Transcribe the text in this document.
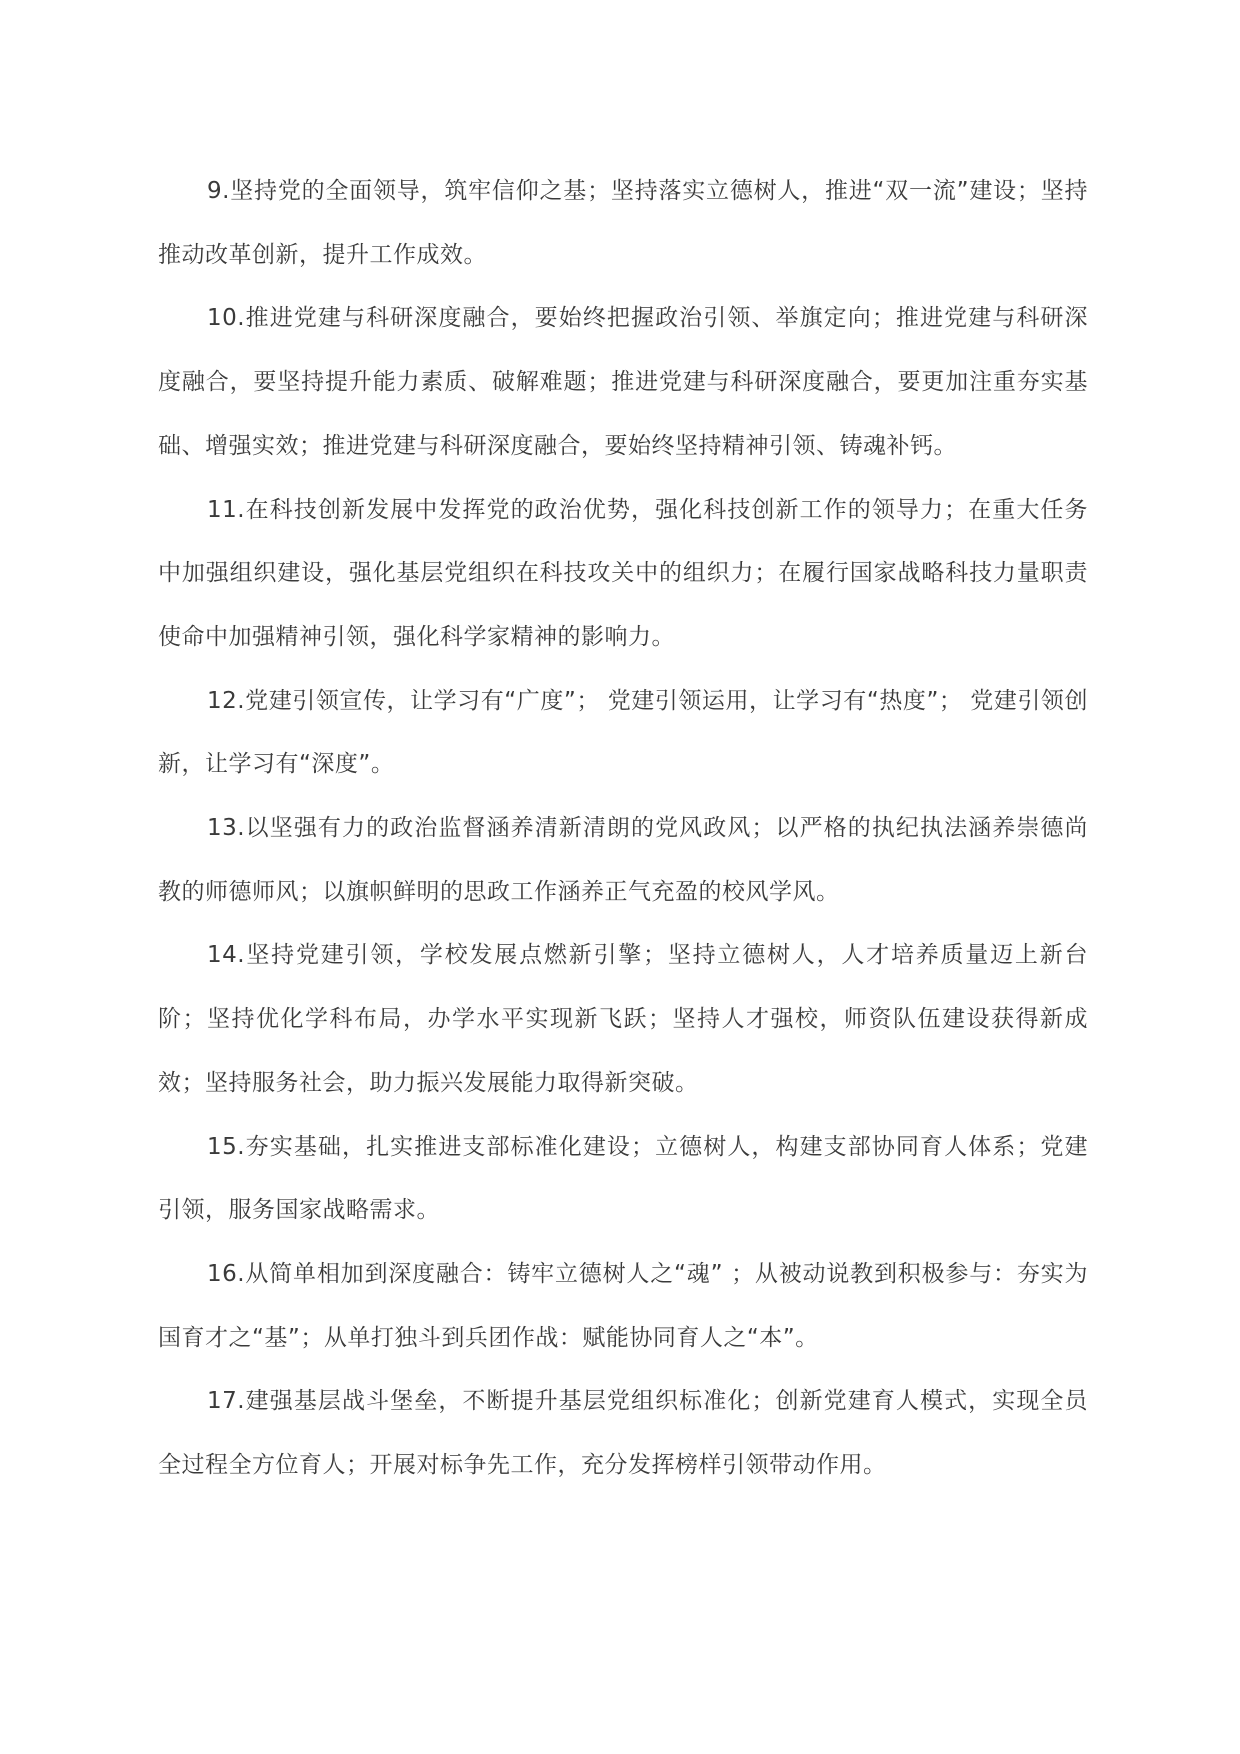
9.坚持党的全面领导，筑牢信仰之基；坚持落实立德树人，推进“双一流”建设；坚持推动改革创新，提升工作成效。

10.推进党建与科研深度融合，要始终把握政治引领、举旗定向；推进党建与科研深度融合，要坚持提升能力素质、破解难题；推进党建与科研深度融合，要更加注重夯实基础、增强实效；推进党建与科研深度融合，要始终坚持精神引领、铸魂补钙。

11.在科技创新发展中发挥党的政治优势，强化科技创新工作的领导力；在重大任务中加强组织建设，强化基层党组织在科技攻关中的组织力；在履行国家战略科技力量职责使命中加强精神引领，强化科学家精神的影响力。

12.党建引领宣传，让学习有“广度”； 党建引领运用，让学习有“热度”； 党建引领创新，让学习有“深度”。

13.以坚强有力的政治监督涵养清新清朗的党风政风；以严格的执纪执法涵养崇德尚教的师德师风；以旗帜鲜明的思政工作涵养正气充盈的校风学风。

14.坚持党建引领，学校发展点燃新引擎；坚持立德树人，人才培养质量迈上新台阶；坚持优化学科布局，办学水平实现新飞跃；坚持人才强校，师资队伍建设获得新成效；坚持服务社会，助力振兴发展能力取得新突破。

15.夯实基础，扎实推进支部标准化建设；立德树人，构建支部协同育人体系；党建引领，服务国家战略需求。

16.从简单相加到深度融合：铸牢立德树人之“魂” ；从被动说教到积极参与：夯实为国育才之“基”；从单打独斗到兵团作战：赋能协同育人之“本”。

17.建强基层战斗堡垒，不断提升基层党组织标准化；创新党建育人模式，实现全员全过程全方位育人；开展对标争先工作，充分发挥榜样引领带动作用。
